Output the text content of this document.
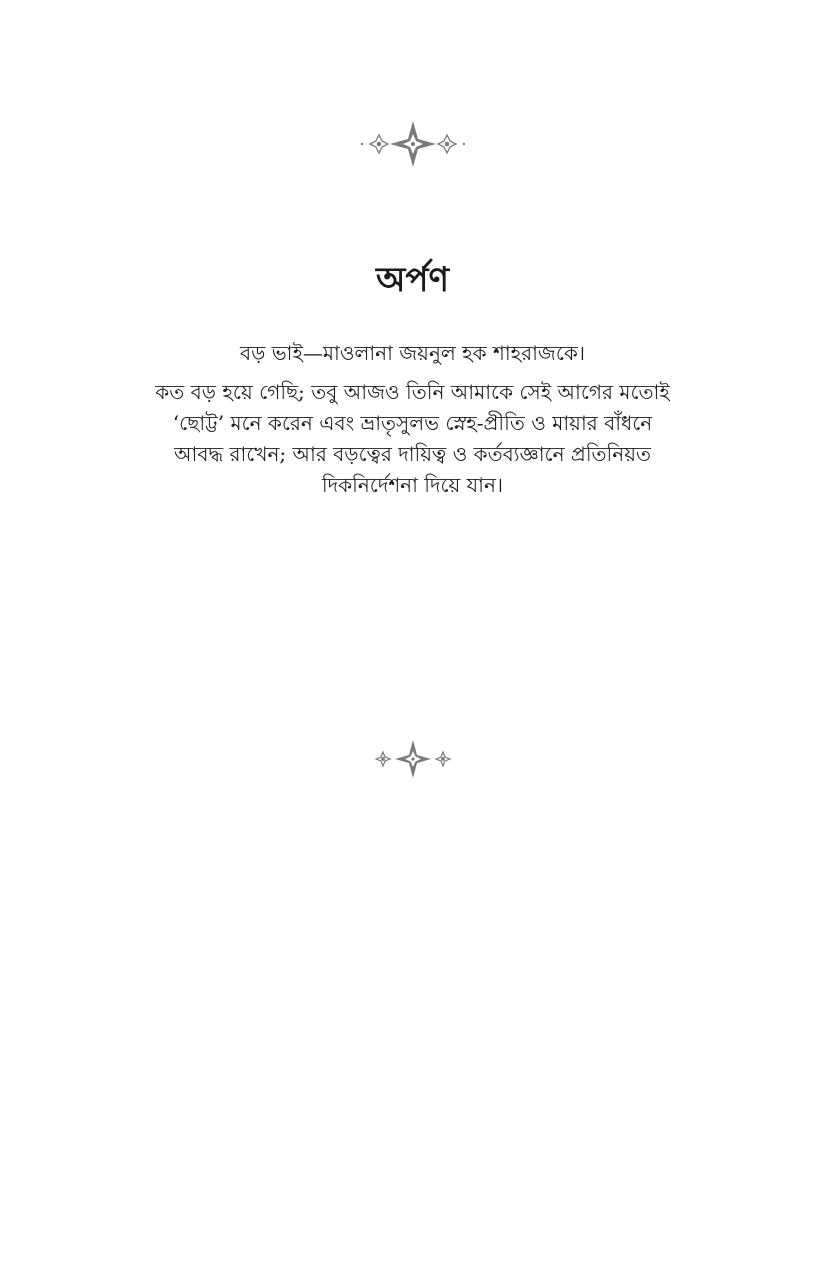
অর্পণ

বড় ভাই—মাওলানা জয়নুল হক শাহরাজকে।

কত বড় হয়ে গেছি; তবু আজও তিনি আমাকে সেই আগের মতোই ‘ছোট্ট’ মনে করেন এবং ভ্রাতৃসুলভ স্নেহ-প্রীতি ও মায়ার বাঁধনে আবদ্ধ রাখেন; আর বড়ত্বের দায়িত্ব ও কর্তব্যজ্ঞানে প্রতিনিয়ত দিকনির্দেশনা দিয়ে যান।
